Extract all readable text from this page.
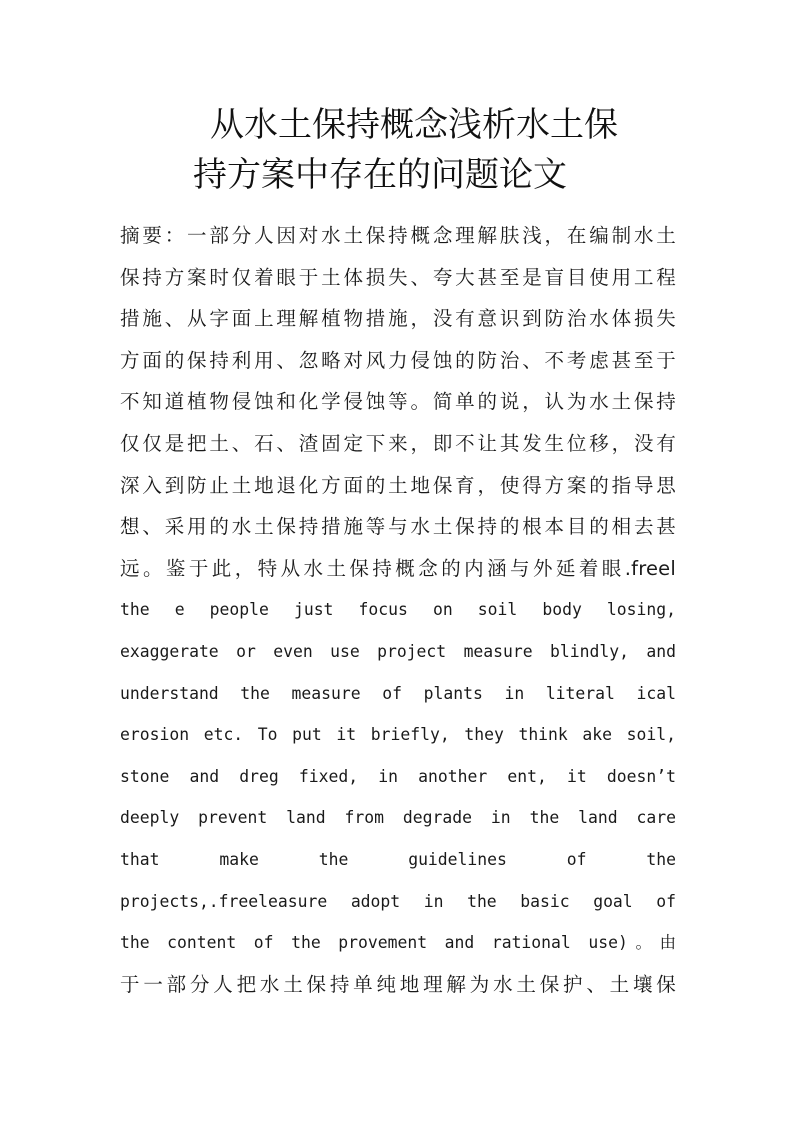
从水土保持概念浅析水土保
持方案中存在的问题论文
摘要：一部分人因对水土保持概念理解肤浅，在编制水土
保持方案时仅着眼于土体损失、夸大甚至是盲目使用工程
措施、从字面上理解植物措施，没有意识到防治水体损失
方面的保持利用、忽略对风力侵蚀的防治、不考虑甚至于
不知道植物侵蚀和化学侵蚀等。简单的说，认为水土保持
仅仅是把土、石、渣固定下来，即不让其发生位移，没有
深入到防止土地退化方面的土地保育，使得方案的指导思
想、采用的水土保持措施等与水土保持的根本目的相去甚
远。鉴于此，特从水土保持概念的内涵与外延着眼.freel
the e people just focus on soil body losing,
exaggerate or even use project measure blindly, and
understand the measure of plants in literal ical
erosion etc. To put it briefly, they think ake soil,
stone and dreg fixed, in another ent, it doesn’t
deeply prevent land from degrade in the land care
that make the guidelines of the
projects,.freeleasure adopt in the basic goal of
the content of the provement and rational use)。由
于一部分人把水土保持单纯地理解为水土保护、土壤保
